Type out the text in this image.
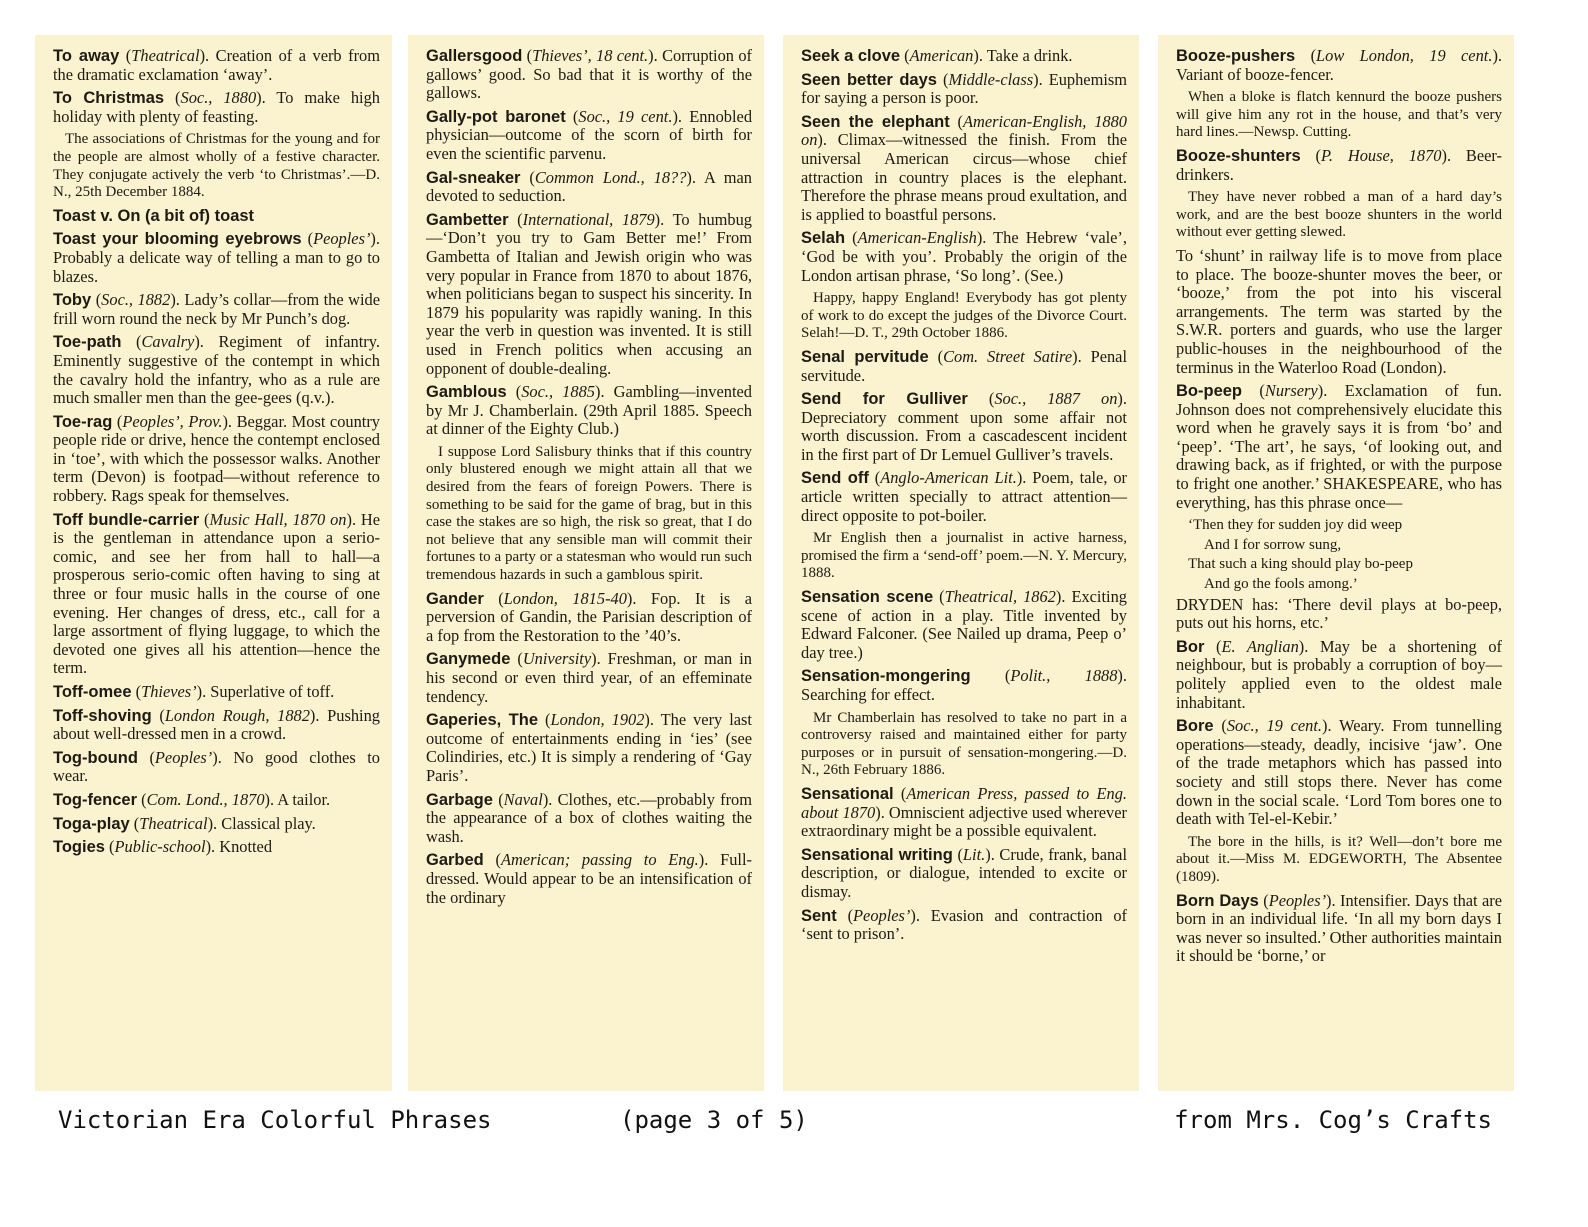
To away (Theatrical). Creation of a verb from the dramatic exclamation ‘away’.

To Christmas (Soc., 1880). To make high holiday with plenty of feasting.

The associations of Christmas for the young and for the people are almost wholly of a festive character. They conjugate actively the verb ‘to Christmas’.—D. N., 25th December 1884.

Toast v. On (a bit of) toast

Toast your blooming eyebrows (Peoples’). Probably a delicate way of telling a man to go to blazes.

Toby (Soc., 1882). Lady’s collar—from the wide frill worn round the neck by Mr Punch’s dog.

Toe-path (Cavalry). Regiment of infantry. Eminently suggestive of the contempt in which the cavalry hold the infantry, who as a rule are much smaller men than the gee-gees (q.v.).

Toe-rag (Peoples’, Prov.). Beggar. Most country people ride or drive, hence the contempt enclosed in ‘toe’, with which the possessor walks. Another term (Devon) is footpad—without reference to robbery. Rags speak for themselves.

Toff bundle-carrier (Music Hall, 1870 on). He is the gentleman in attendance upon a serio-comic, and see her from hall to hall—a prosperous serio-comic often having to sing at three or four music halls in the course of one evening. Her changes of dress, etc., call for a large assortment of flying luggage, to which the devoted one gives all his attention—hence the term.

Toff-omee (Thieves’). Superlative of toff.

Toff-shoving (London Rough, 1882). Pushing about well-dressed men in a crowd.

Tog-bound (Peoples’). No good clothes to wear.

Tog-fencer (Com. Lond., 1870). A tailor.

Toga-play (Theatrical). Classical play.

Togies (Public-school). Knotted

Gallersgood (Thieves’, 18 cent.). Corruption of gallows’ good. So bad that it is worthy of the gallows.

Gally-pot baronet (Soc., 19 cent.). Ennobled physician—outcome of the scorn of birth for even the scientific parvenu.

Gal-sneaker (Common Lond., 18??). A man devoted to seduction.

Gambetter (International, 1879). To humbug—‘Don’t you try to Gam Better me!’ From Gambetta of Italian and Jewish origin who was very popular in France from 1870 to about 1876, when politicians began to suspect his sincerity. In 1879 his popularity was rapidly waning. In this year the verb in question was invented. It is still used in French politics when accusing an opponent of double-dealing.

Gamblous (Soc., 1885). Gambling—invented by Mr J. Chamberlain. (29th April 1885. Speech at dinner of the Eighty Club.)

I suppose Lord Salisbury thinks that if this country only blustered enough we might attain all that we desired from the fears of foreign Powers. There is something to be said for the game of brag, but in this case the stakes are so high, the risk so great, that I do not believe that any sensible man will commit their fortunes to a party or a statesman who would run such tremendous hazards in such a gamblous spirit.

Gander (London, 1815-40). Fop. It is a perversion of Gandin, the Parisian description of a fop from the Restoration to the ’40’s.

Ganymede (University). Freshman, or man in his second or even third year, of an effeminate tendency.

Gaperies, The (London, 1902). The very last outcome of entertainments ending in ‘ies’ (see Colindiries, etc.) It is simply a rendering of ‘Gay Paris’.

Garbage (Naval). Clothes, etc.—probably from the appearance of a box of clothes waiting the wash.

Garbed (American; passing to Eng.). Full-dressed. Would appear to be an intensification of the ordinary

Seek a clove (American). Take a drink.

Seen better days (Middle-class). Euphemism for saying a person is poor.

Seen the elephant (American-English, 1880 on). Climax—witnessed the finish. From the universal American circus—whose chief attraction in country places is the elephant. Therefore the phrase means proud exultation, and is applied to boastful persons.

Selah (American-English). The Hebrew ‘vale’, ‘God be with you’. Probably the origin of the London artisan phrase, ‘So long’. (See.)

Happy, happy England! Everybody has got plenty of work to do except the judges of the Divorce Court. Selah!—D. T., 29th October 1886.

Senal pervitude (Com. Street Satire). Penal servitude.

Send for Gulliver (Soc., 1887 on). Depreciatory comment upon some affair not worth discussion. From a cascadescent incident in the first part of Dr Lemuel Gulliver’s travels.

Send off (Anglo-American Lit.). Poem, tale, or article written specially to attract attention—direct opposite to pot-boiler.

Mr English then a journalist in active harness, promised the firm a ‘send-off’ poem.—N. Y. Mercury, 1888.

Sensation scene (Theatrical, 1862). Exciting scene of action in a play. Title invented by Edward Falconer. (See Nailed up drama, Peep o’ day tree.)

Sensation-mongering (Polit., 1888). Searching for effect.

Mr Chamberlain has resolved to take no part in a controversy raised and maintained either for party purposes or in pursuit of sensation-mongering.—D. N., 26th February 1886.

Sensational (American Press, passed to Eng. about 1870). Omniscient adjective used wherever extraordinary might be a possible equivalent.

Sensational writing (Lit.). Crude, frank, banal description, or dialogue, intended to excite or dismay.

Sent (Peoples’). Evasion and contraction of ‘sent to prison’.

Booze-pushers (Low London, 19 cent.). Variant of booze-fencer.

When a bloke is flatch kennurd the booze pushers will give him any rot in the house, and that’s very hard lines.—Newsp. Cutting.

Booze-shunters (P. House, 1870). Beer-drinkers.

They have never robbed a man of a hard day’s work, and are the best booze shunters in the world without ever getting slewed.

To ‘shunt’ in railway life is to move from place to place. The booze-shunter moves the beer, or ‘booze,’ from the pot into his visceral arrangements. The term was started by the S.W.R. porters and guards, who use the larger public-houses in the neighbourhood of the terminus in the Waterloo Road (London).

Bo-peep (Nursery). Exclamation of fun. Johnson does not comprehensively elucidate this word when he gravely says it is from ‘bo’ and ‘peep’. ‘The art’, he says, ‘of looking out, and drawing back, as if frighted, or with the purpose to fright one another.’ SHAKESPEARE, who has everything, has this phrase once—

‘Then they for sudden joy did weep
And I for sorrow sung,
That such a king should play bo-peep
And go the fools among.’

DRYDEN has: ‘There devil plays at bo-peep, puts out his horns, etc.’

Bor (E. Anglian). May be a shortening of neighbour, but is probably a corruption of boy—politely applied even to the oldest male inhabitant.

Bore (Soc., 19 cent.). Weary. From tunnelling operations—steady, deadly, incisive ‘jaw’. One of the trade metaphors which has passed into society and still stops there. Never has come down in the social scale. ‘Lord Tom bores one to death with Tel-el-Kebir.’

The bore in the hills, is it? Well—don’t bore me about it.—Miss M. EDGEWORTH, The Absentee (1809).

Born Days (Peoples’). Intensifier. Days that are born in an individual life. ‘In all my born days I was never so insulted.’ Other authorities maintain it should be ‘borne,’ or

Victorian Era Colorful Phrases	(page 3 of 5)	from Mrs. Cog’s Crafts
